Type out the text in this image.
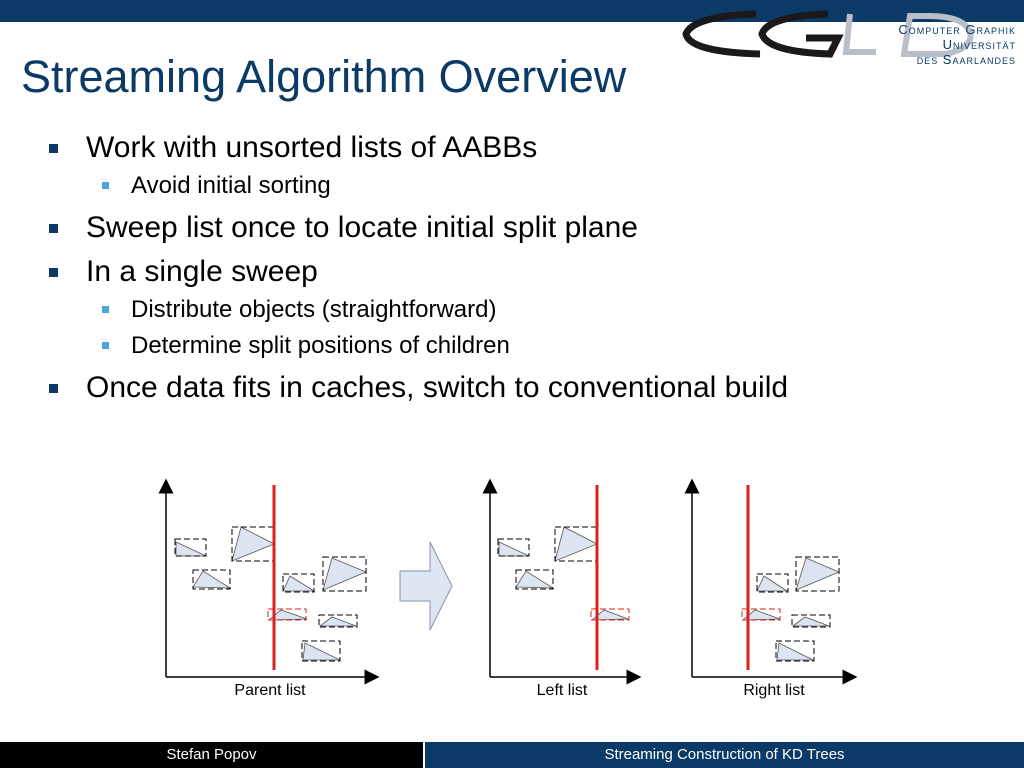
Computer Graphik
Universität
des Saarlandes
Streaming Algorithm Overview
Work with unsorted lists of AABBs
Avoid initial sorting
Sweep list once to locate initial split plane
In a single sweep
Distribute objects (straightforward)
Determine split positions of children
Once data fits in caches, switch to conventional build
Parent list	Left list	Right list
Stefan Popov	Streaming Construction of KD Trees
